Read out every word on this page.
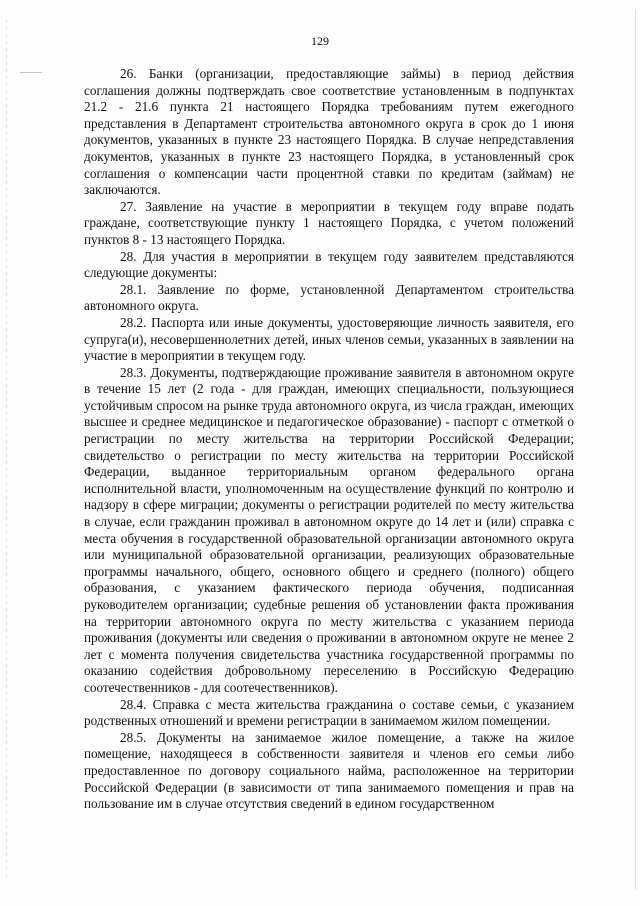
129

26. Банки (организации, предоставляющие займы) в период действия соглашения должны подтверждать свое соответствие установленным в подпунктах 21.2 - 21.6 пункта 21 настоящего Порядка требованиям путем ежегодного представления в Департамент строительства автономного округа в срок до 1 июня документов, указанных в пункте 23 настоящего Порядка. В случае непредставления документов, указанных в пункте 23 настоящего Порядка, в установленный срок соглашения о компенсации части процентной ставки по кредитам (займам) не заключаются.

27. Заявление на участие в мероприятии в текущем году вправе подать граждане, соответствующие пункту 1 настоящего Порядка, с учетом положений пунктов 8 - 13 настоящего Порядка.

28. Для участия в мероприятии в текущем году заявителем представляются следующие документы:

28.1. Заявление по форме, установленной Департаментом строительства автономного округа.

28.2. Паспорта или иные документы, удостоверяющие личность заявителя, его супруга(и), несовершеннолетних детей, иных членов семьи, указанных в заявлении на участие в мероприятии в текущем году.

28.3. Документы, подтверждающие проживание заявителя в автономном округе в течение 15 лет (2 года - для граждан, имеющих специальности, пользующиеся устойчивым спросом на рынке труда автономного округа, из числа граждан, имеющих высшее и среднее медицинское и педагогическое образование) - паспорт с отметкой о регистрации по месту жительства на территории Российской Федерации; свидетельство о регистрации по месту жительства на территории Российской Федерации, выданное территориальным органом федерального органа исполнительной власти, уполномоченным на осуществление функций по контролю и надзору в сфере миграции; документы о регистрации родителей по месту жительства в случае, если гражданин проживал в автономном округе до 14 лет и (или) справка с места обучения в государственной образовательной организации автономного округа или муниципальной образовательной организации, реализующих образовательные программы начального, общего, основного общего и среднего (полного) общего образования, с указанием фактического периода обучения, подписанная руководителем организации; судебные решения об установлении факта проживания на территории автономного округа по месту жительства с указанием периода проживания (документы или сведения о проживании в автономном округе не менее 2 лет с момента получения свидетельства участника государственной программы по оказанию содействия добровольному переселению в Российскую Федерацию соотечественников - для соотечественников).

28.4. Справка с места жительства гражданина о составе семьи, с указанием родственных отношений и времени регистрации в занимаемом жилом помещении.

28.5. Документы на занимаемое жилое помещение, а также на жилое помещение, находящееся в собственности заявителя и членов его семьи либо предоставленное по договору социального найма, расположенное на территории Российской Федерации (в зависимости от типа занимаемого помещения и прав на пользование им в случае отсутствия сведений в едином государственном
